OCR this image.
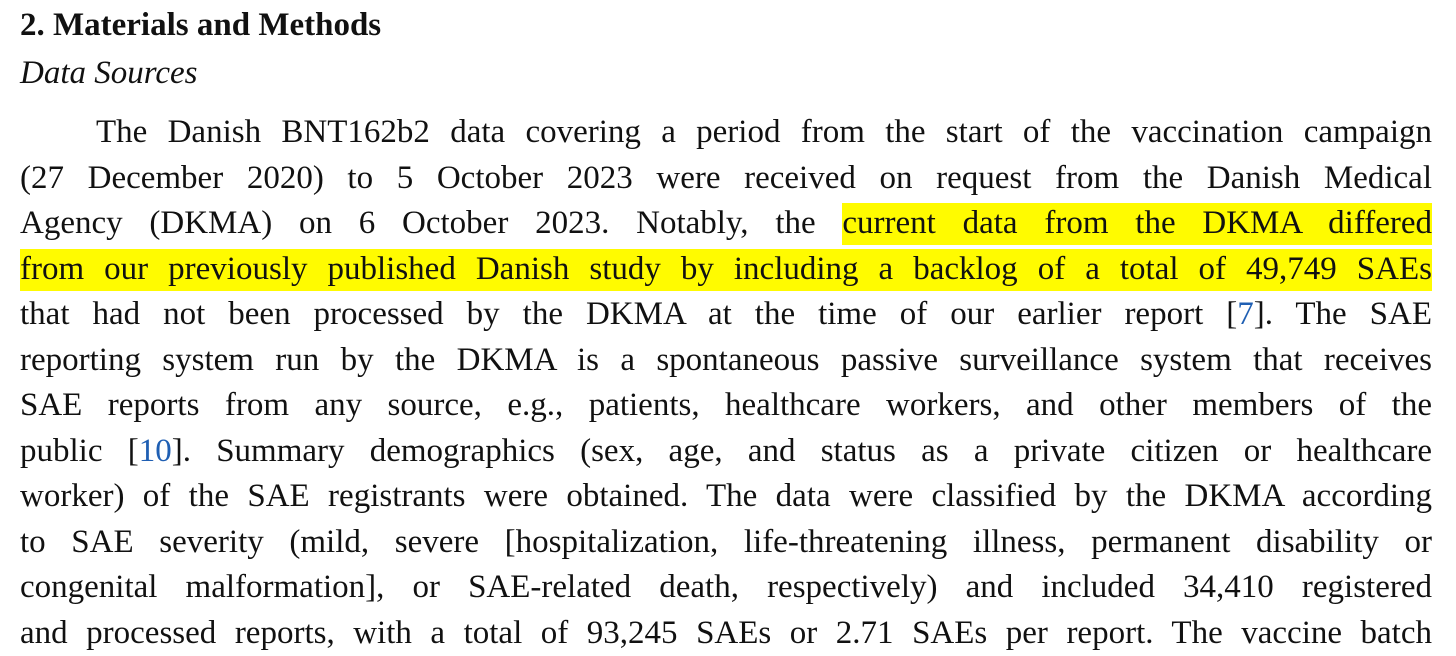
2. Materials and Methods
Data Sources
The Danish BNT162b2 data covering a period from the start of the vaccination campaign
(27 December 2020) to 5 October 2023 were received on request from the Danish Medical
Agency (DKMA) on 6 October 2023. Notably, the current data from the DKMA differed
from our previously published Danish study by including a backlog of a total of 49,749 SAEs
that had not been processed by the DKMA at the time of our earlier report [7]. The SAE
reporting system run by the DKMA is a spontaneous passive surveillance system that receives
SAE reports from any source, e.g., patients, healthcare workers, and other members of the
public [10]. Summary demographics (sex, age, and status as a private citizen or healthcare
worker) of the SAE registrants were obtained. The data were classified by the DKMA according
to SAE severity (mild, severe [hospitalization, life-threatening illness, permanent disability or
congenital malformation], or SAE-related death, respectively) and included 34,410 registered
and processed reports, with a total of 93,245 SAEs or 2.71 SAEs per report. The vaccine batch
